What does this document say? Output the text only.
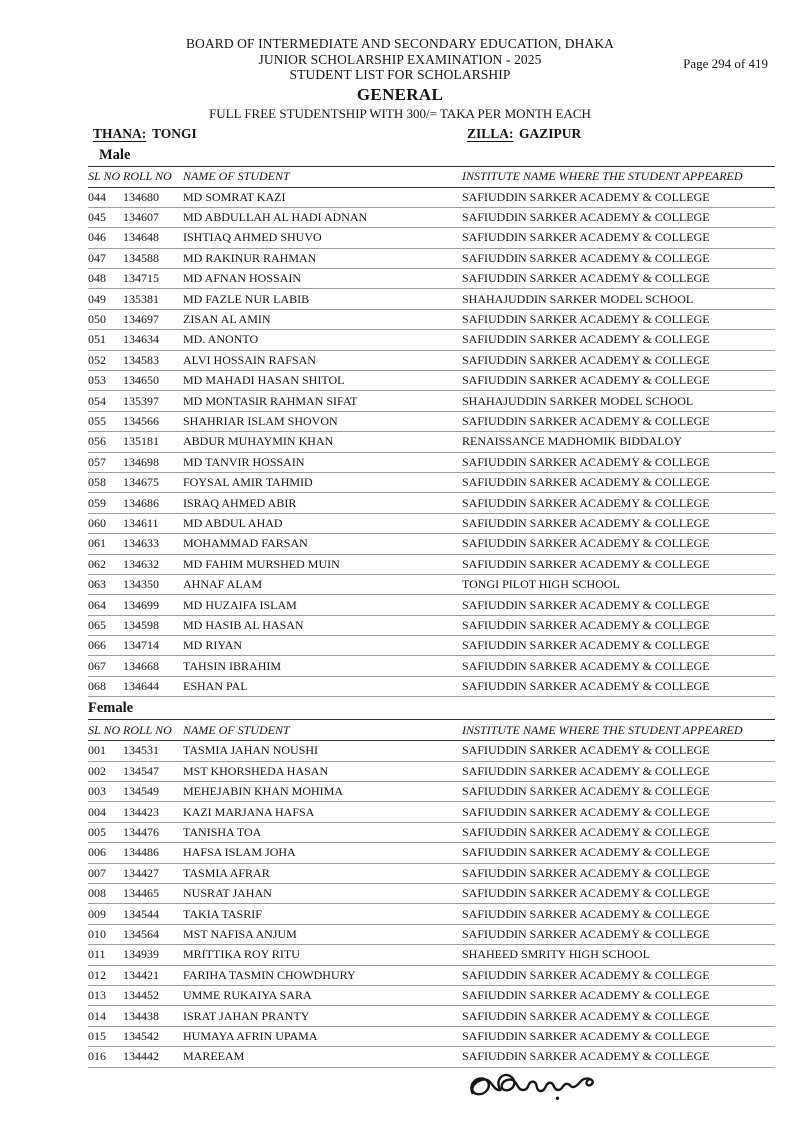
BOARD OF INTERMEDIATE AND SECONDARY EDUCATION, DHAKA
JUNIOR SCHOLARSHIP EXAMINATION - 2025
STUDENT LIST FOR SCHOLARSHIP
GENERAL
FULL FREE STUDENTSHIP WITH 300/= TAKA PER MONTH EACH
Page 294 of 419
THANA: TONGI	ZILLA: GAZIPUR
Male
SL NO ROLL NO NAME OF STUDENT	INSTITUTE NAME WHERE THE STUDENT APPEARED
044	134680	MD SOMRAT KAZI	SAFIUDDIN SARKER ACADEMY & COLLEGE
045	134607	MD ABDULLAH AL HADI ADNAN	SAFIUDDIN SARKER ACADEMY & COLLEGE
046	134648	ISHTIAQ AHMED SHUVO	SAFIUDDIN SARKER ACADEMY & COLLEGE
047	134588	MD RAKINUR RAHMAN	SAFIUDDIN SARKER ACADEMY & COLLEGE
048	134715	MD AFNAN HOSSAIN	SAFIUDDIN SARKER ACADEMY & COLLEGE
049	135381	MD FAZLE NUR LABIB	SHAHAJUDDIN SARKER MODEL SCHOOL
050	134697	ZISAN AL AMIN	SAFIUDDIN SARKER ACADEMY & COLLEGE
051	134634	MD. ANONTO	SAFIUDDIN SARKER ACADEMY & COLLEGE
052	134583	ALVI HOSSAIN RAFSAN	SAFIUDDIN SARKER ACADEMY & COLLEGE
053	134650	MD MAHADI HASAN SHITOL	SAFIUDDIN SARKER ACADEMY & COLLEGE
054	135397	MD MONTASIR RAHMAN SIFAT	SHAHAJUDDIN SARKER MODEL SCHOOL
055	134566	SHAHRIAR ISLAM SHOVON	SAFIUDDIN SARKER ACADEMY & COLLEGE
056	135181	ABDUR MUHAYMIN KHAN	RENAISSANCE MADHOMIK BIDDALOY
057	134698	MD TANVIR HOSSAIN	SAFIUDDIN SARKER ACADEMY & COLLEGE
058	134675	FOYSAL AMIR TAHMID	SAFIUDDIN SARKER ACADEMY & COLLEGE
059	134686	ISRAQ AHMED ABIR	SAFIUDDIN SARKER ACADEMY & COLLEGE
060	134611	MD ABDUL AHAD	SAFIUDDIN SARKER ACADEMY & COLLEGE
061	134633	MOHAMMAD FARSAN	SAFIUDDIN SARKER ACADEMY & COLLEGE
062	134632	MD FAHIM MURSHED MUIN	SAFIUDDIN SARKER ACADEMY & COLLEGE
063	134350	AHNAF ALAM	TONGI PILOT HIGH SCHOOL
064	134699	MD HUZAIFA ISLAM	SAFIUDDIN SARKER ACADEMY & COLLEGE
065	134598	MD HASIB AL HASAN	SAFIUDDIN SARKER ACADEMY & COLLEGE
066	134714	MD RIYAN	SAFIUDDIN SARKER ACADEMY & COLLEGE
067	134668	TAHSIN IBRAHIM	SAFIUDDIN SARKER ACADEMY & COLLEGE
068	134644	ESHAN PAL	SAFIUDDIN SARKER ACADEMY & COLLEGE
Female
SL NO ROLL NO NAME OF STUDENT	INSTITUTE NAME WHERE THE STUDENT APPEARED
001	134531	TASMIA JAHAN NOUSHI	SAFIUDDIN SARKER ACADEMY & COLLEGE
002	134547	MST KHORSHEDA HASAN	SAFIUDDIN SARKER ACADEMY & COLLEGE
003	134549	MEHEJABIN KHAN MOHIMA	SAFIUDDIN SARKER ACADEMY & COLLEGE
004	134423	KAZI MARJANA HAFSA	SAFIUDDIN SARKER ACADEMY & COLLEGE
005	134476	TANISHA TOA	SAFIUDDIN SARKER ACADEMY & COLLEGE
006	134486	HAFSA ISLAM JOHA	SAFIUDDIN SARKER ACADEMY & COLLEGE
007	134427	TASMIA AFRAR	SAFIUDDIN SARKER ACADEMY & COLLEGE
008	134465	NUSRAT JAHAN	SAFIUDDIN SARKER ACADEMY & COLLEGE
009	134544	TAKIA TASRIF	SAFIUDDIN SARKER ACADEMY & COLLEGE
010	134564	MST NAFISA ANJUM	SAFIUDDIN SARKER ACADEMY & COLLEGE
011	134939	MRITTIKA ROY RITU	SHAHEED SMRITY HIGH SCHOOL
012	134421	FARIHA TASMIN CHOWDHURY	SAFIUDDIN SARKER ACADEMY & COLLEGE
013	134452	UMME RUKAIYA SARA	SAFIUDDIN SARKER ACADEMY & COLLEGE
014	134438	ISRAT JAHAN PRANTY	SAFIUDDIN SARKER ACADEMY & COLLEGE
015	134542	HUMAYA AFRIN UPAMA	SAFIUDDIN SARKER ACADEMY & COLLEGE
016	134442	MAREEAM	SAFIUDDIN SARKER ACADEMY & COLLEGE
